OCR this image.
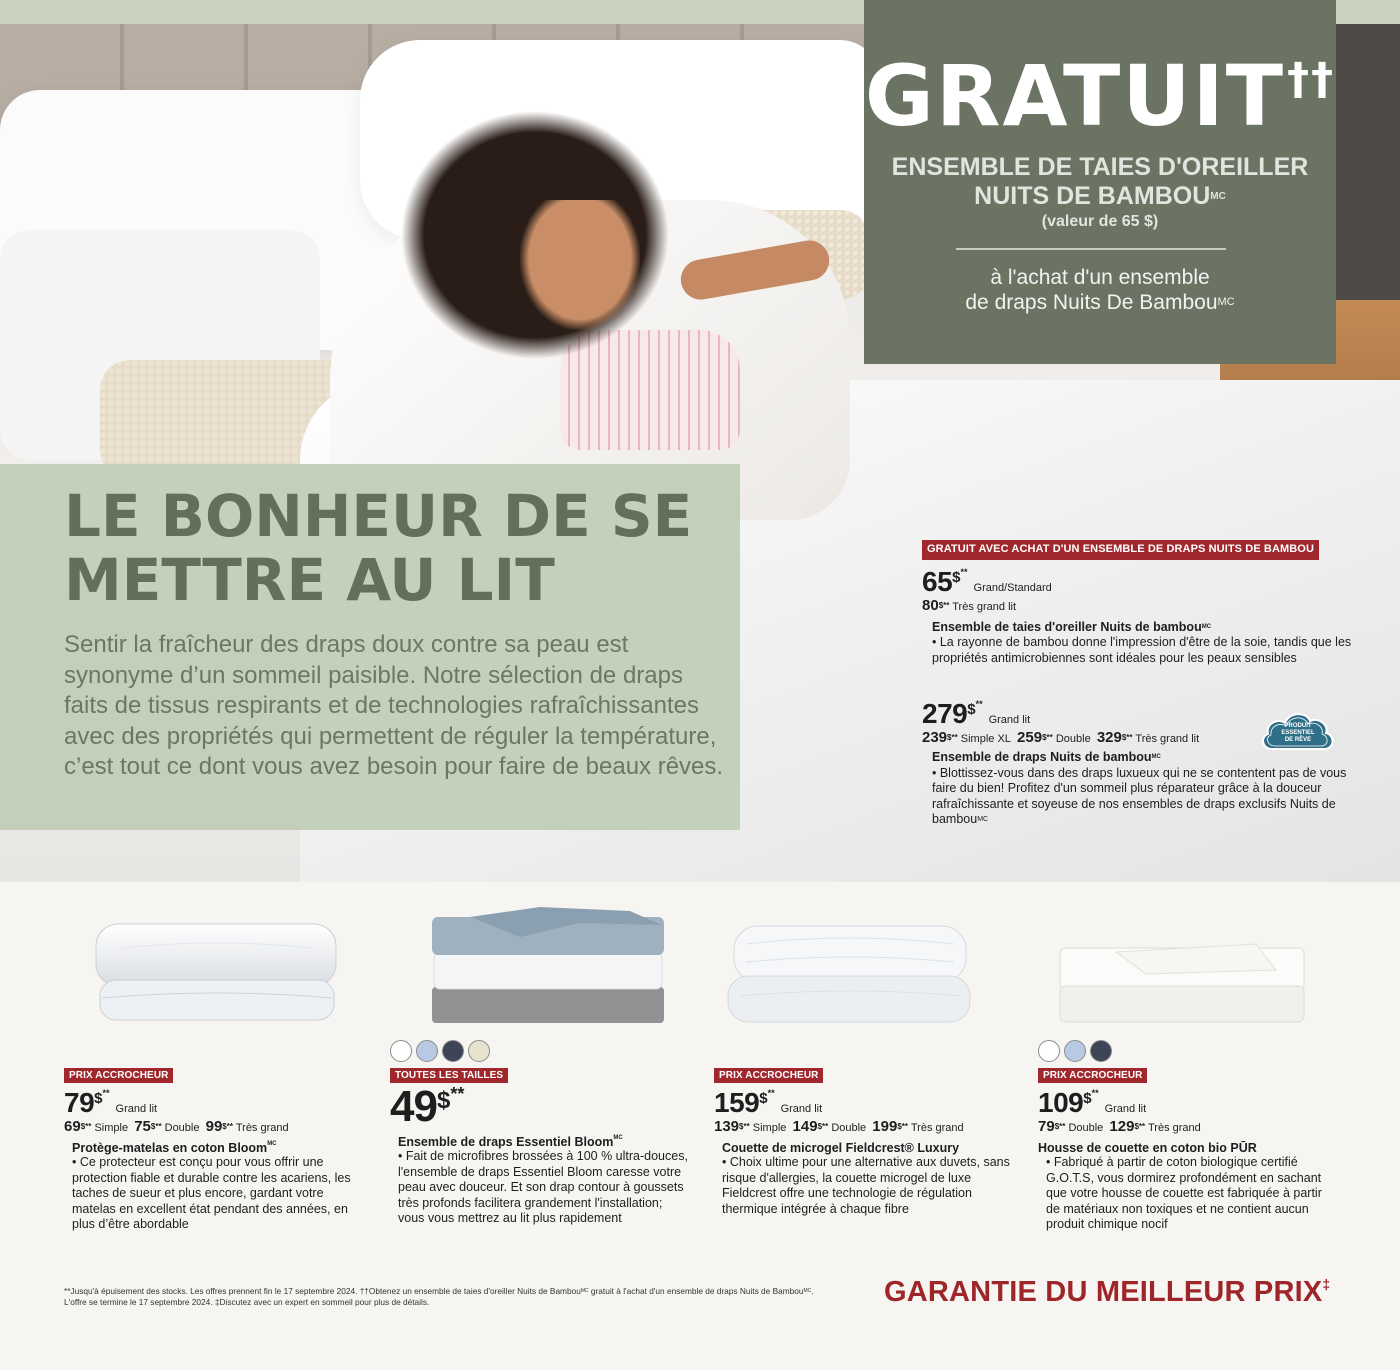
GRATUIT††
ENSEMBLE DE TAIES D'OREILLER
NUITS DE $BAMBOU^{MC}$
(valeur de 65 $)
à l'achat d'un ensemble
de draps Nuits De Bambou$^{MC}$
LE BONHEUR DE SE
METTRE AU LIT
Sentir la fraîcheur des draps doux contre sa peau est synonyme d’un sommeil paisible. Notre sélection de draps faits de tissus respirants et de technologies rafraîchissantes avec des propriétés qui permettent de réguler la température, c’est tout ce dont vous avez besoin pour faire de beaux rêves.
GRATUIT AVEC ACHAT D'UN ENSEMBLE DE DRAPS NUITS DE BAMBOU
65$**Grand/Standard
80$** Très grand lit
Ensemble de taies d'oreiller Nuits de bambou$^{MC}$
• La rayonne de bambou donne l'impression d'être de la soie, tandis que les propriétés antimicrobiennes sont idéales pour les peaux sensibles
279$**Grand lit
239$** Simple XL 259$** Double 329$** Très grand lit
Ensemble de draps Nuits de bambou$^{MC}$
• Blottissez-vous dans des draps luxueux qui ne se contentent pas de vous faire du bien! Profitez d'un sommeil plus réparateur grâce à la douceur rafraîchissante et soyeuse de nos ensembles de draps exclusifs Nuits de bambou$^{MC}$
PRODUIT
ESSENTIEL
DE RÊVE
PRIX ACCROCHEUR
79$**Grand lit
69$** Simple 75$** Double 99$** Très grand
Protège-matelas en coton Bloom$^{MC}$
• Ce protecteur est conçu pour vous offrir une protection fiable et durable contre les acariens, les taches de sueur et plus encore, gardant votre matelas en excellent état pendant des années, en plus d’être abordable
TOUTES LES TAILLES
49$**
Ensemble de draps Essentiel Bloom$^{MC}$
• Fait de microfibres brossées à 100 % ultra-douces, l'ensemble de draps Essentiel Bloom caresse votre peau avec douceur. Et son drap contour à goussets très profonds facilitera grandement l'installation; vous vous mettrez au lit plus rapidement
PRIX ACCROCHEUR
159$**Grand lit
139$** Simple 149$** Double 199$** Très grand
Couette de microgel Fieldcrest® Luxury
• Choix ultime pour une alternative aux duvets, sans risque d'allergies, la couette microgel de luxe Fieldcrest offre une technologie de régulation thermique intégrée à chaque fibre
PRIX ACCROCHEUR
109$**Grand lit
79$** Double 129$** Très grand
Housse de couette en coton bio PŪR
• Fabriqué à partir de coton biologique certifié G.O.T.S, vous dormirez profondément en sachant que votre housse de couette est fabriquée à partir de matériaux non toxiques et ne contient aucun produit chimique nocif
**Jusqu'à épuisement des stocks. Les offres prennent fin le 17 septembre 2024. ††Obtenez un ensemble de taies d'oreiller Nuits de Bambou$^{MC}$ gratuit à l'achat d'un ensemble de draps Nuits de Bambou$^{MC}$. L'offre se termine le 17 septembre 2024. ‡Discutez avec un expert en sommeil pour plus de détails.	GARANTIE DU MEILLEUR PRIX‡
